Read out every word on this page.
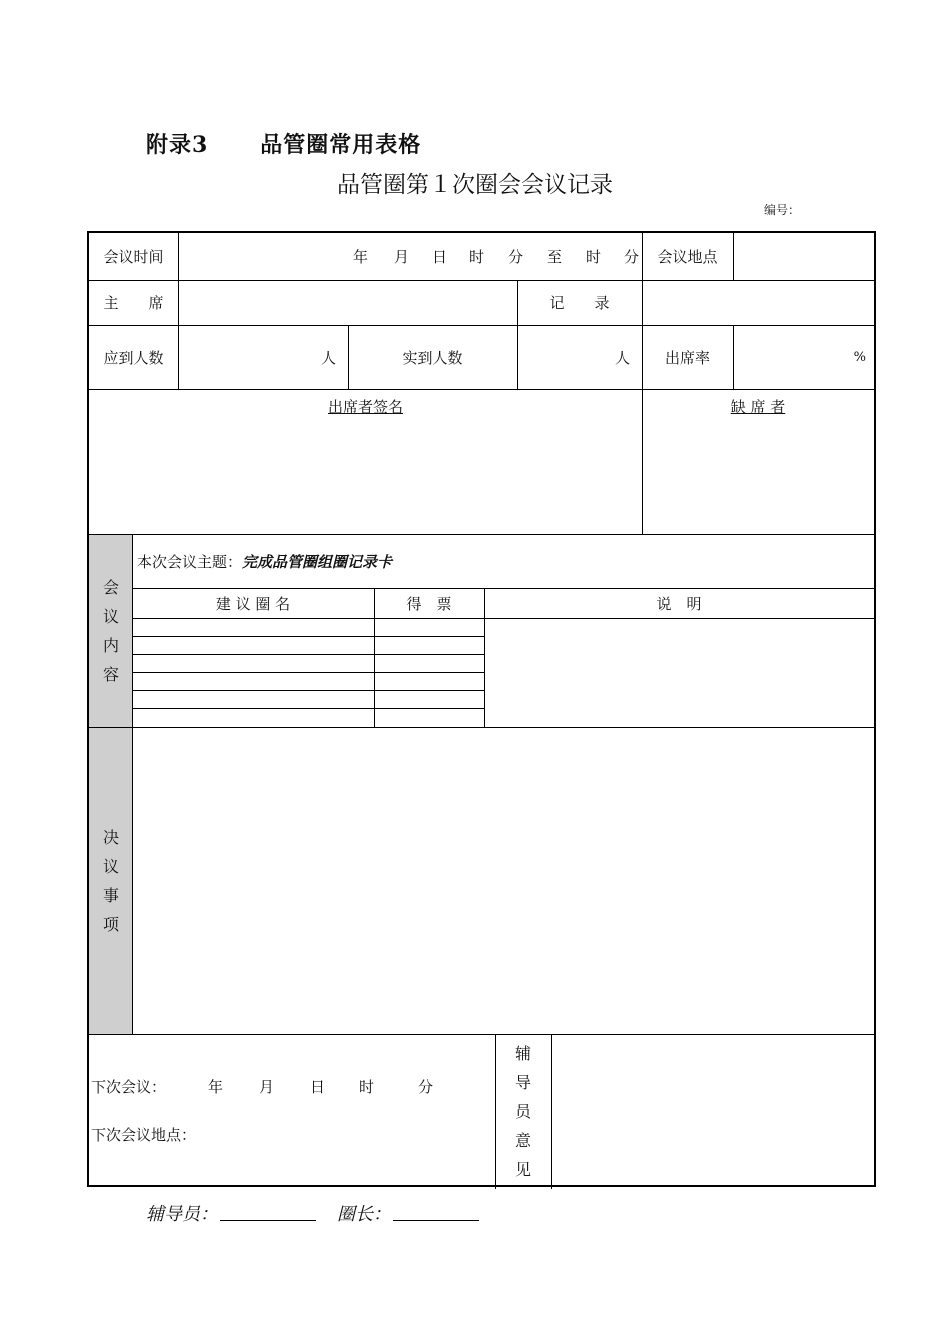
附录3 品管圈常用表格
品管圈第１次圈会会议记录
编号：
会议时间	年	月	日	时	分	至	时	分	会议地点
主　　席	记　　录
应到人数	人	实到人数	人	出席率	%
出席者签名	缺 席 者
会
议
内
容
本次会议主题： 完成品管圈组圈记录卡
建 议 圈 名	得　票	说　明
决
议
事
项
下次会议：	年 月 日 时	分
下次会议地点：
辅
导
员
意
见
辅导员：	圈长：
